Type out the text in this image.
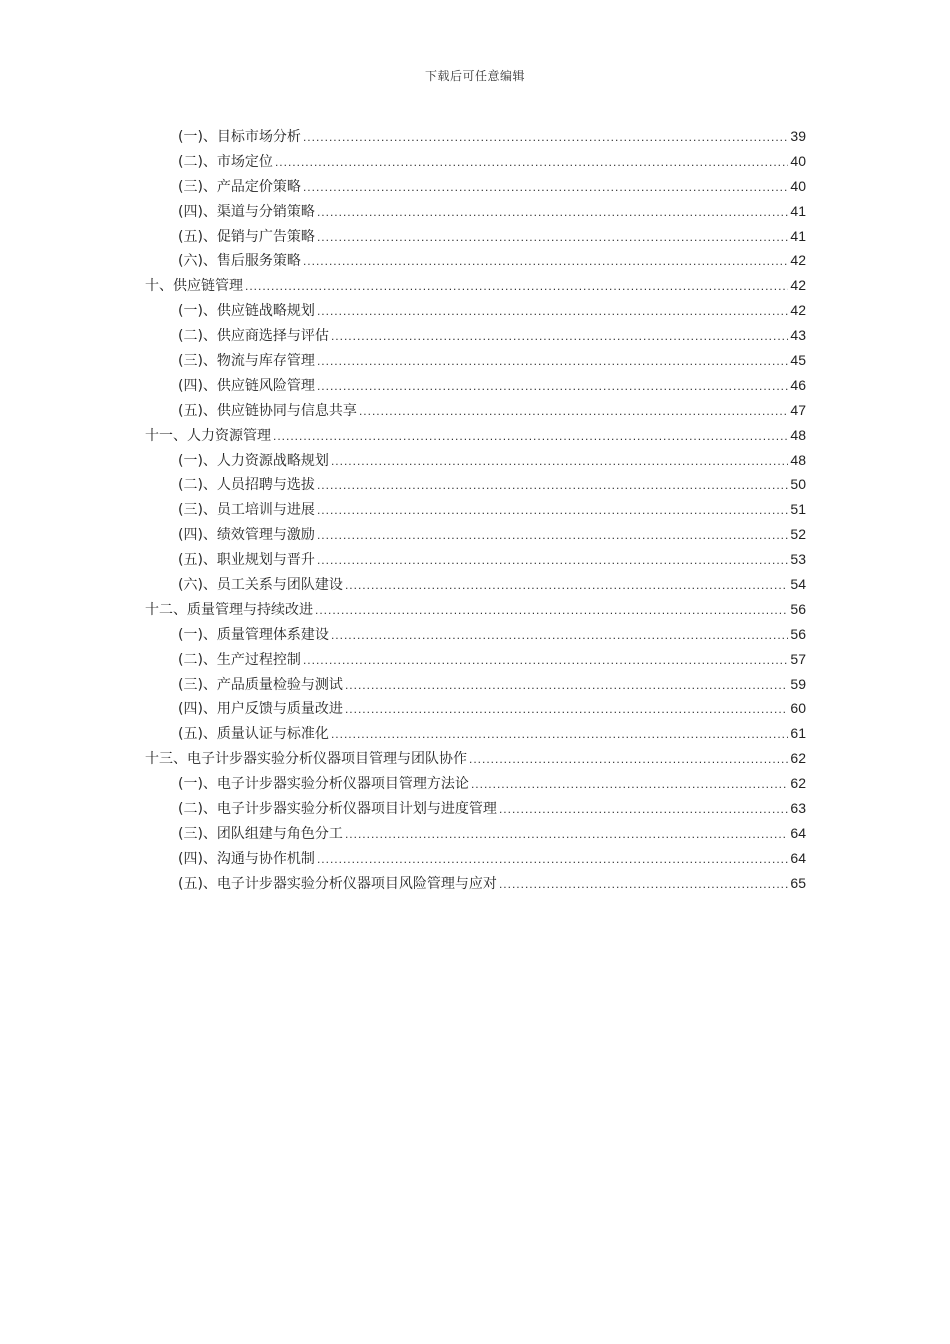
下载后可任意编辑
(一)、目标市场分析 .....	39
(二)、市场定位 .....	40
(三)、产品定价策略 .....	40
(四)、渠道与分销策略 .....	41
(五)、促销与广告策略 .....	41
(六)、售后服务策略 .....	42
十、供应链管理 .....	42
(一)、供应链战略规划 .....	42
(二)、供应商选择与评估 .....	43
(三)、物流与库存管理 .....	45
(四)、供应链风险管理 .....	46
(五)、供应链协同与信息共享 .....	47
十一、人力资源管理 .....	48
(一)、人力资源战略规划 .....	48
(二)、人员招聘与选拔 .....	50
(三)、员工培训与进展 .....	51
(四)、绩效管理与激励 .....	52
(五)、职业规划与晋升 .....	53
(六)、员工关系与团队建设 .....	54
十二、质量管理与持续改进 .....	56
(一)、质量管理体系建设 .....	56
(二)、生产过程控制 .....	57
(三)、产品质量检验与测试 .....	59
(四)、用户反馈与质量改进 .....	60
(五)、质量认证与标准化 .....	61
十三、电子计步器实验分析仪器项目管理与团队协作 .....	62
(一)、电子计步器实验分析仪器项目管理方法论 .....	62
(二)、电子计步器实验分析仪器项目计划与进度管理 .....	63
(三)、团队组建与角色分工 .....	64
(四)、沟通与协作机制 .....	64
(五)、电子计步器实验分析仪器项目风险管理与应对 .....	65
